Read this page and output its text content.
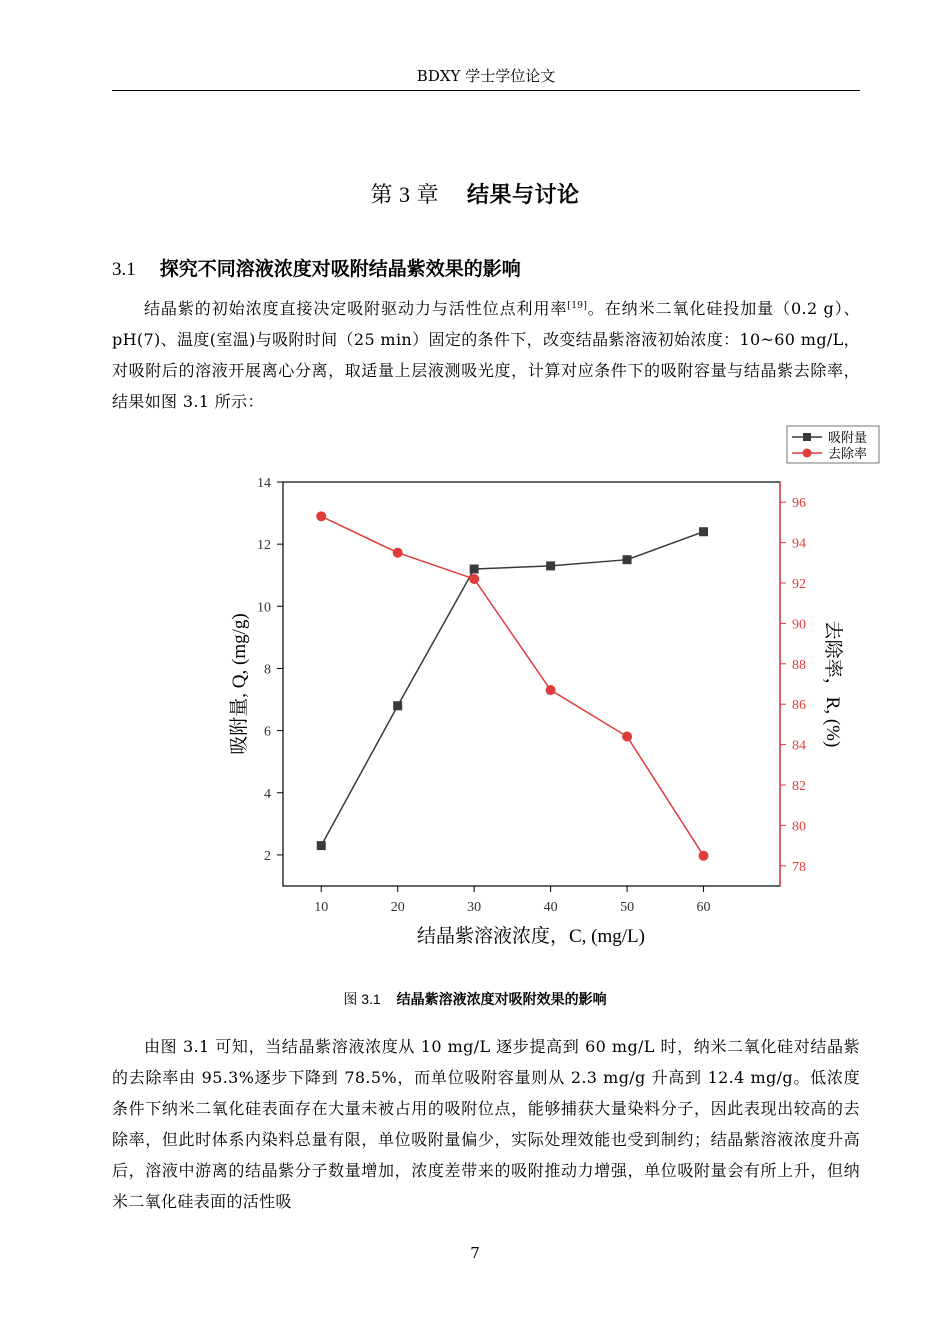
BDXY 学士学位论文
第 3 章 结果与讨论
3.1 探究不同溶液浓度对吸附结晶紫效果的影响

结晶紫的初始浓度直接决定吸附驱动力与活性位点利用率[19]。在纳米二氧化硅投加量（0.2 g）、pH(7)、温度(室温)与吸附时间（25 min）固定的条件下，改变结晶紫溶液初始浓度：10~60 mg/L，对吸附后的溶液开展离心分离，取适量上层液测吸光度，计算对应条件下的吸附容量与结晶紫去除率，结果如图 3.1 所示：

吸附量
去除率
2
4
6
8
10
12
14
78
80
82
84
86
88
90
92
94
96
10	20	30	40	50	60
结晶紫溶液浓度，C, (mg/L)
吸附量, Q, (mg/g)	去除率，R, (%)
图 3.1 结晶紫溶液浓度对吸附效果的影响

由图 3.1 可知，当结晶紫溶液浓度从 10 mg/L 逐步提高到 60 mg/L 时，纳米二氧化硅对结晶紫的去除率由 95.3%逐步下降到 78.5%，而单位吸附容量则从 2.3 mg/g 升高到 12.4 mg/g。低浓度条件下纳米二氧化硅表面存在大量未被占用的吸附位点，能够捕获大量染料分子，因此表现出较高的去除率，但此时体系内染料总量有限，单位吸附量偏少，实际处理效能也受到制约；结晶紫溶液浓度升高后，溶液中游离的结晶紫分子数量增加，浓度差带来的吸附推动力增强，单位吸附量会有所上升，但纳米二氧化硅表面的活性吸

7
